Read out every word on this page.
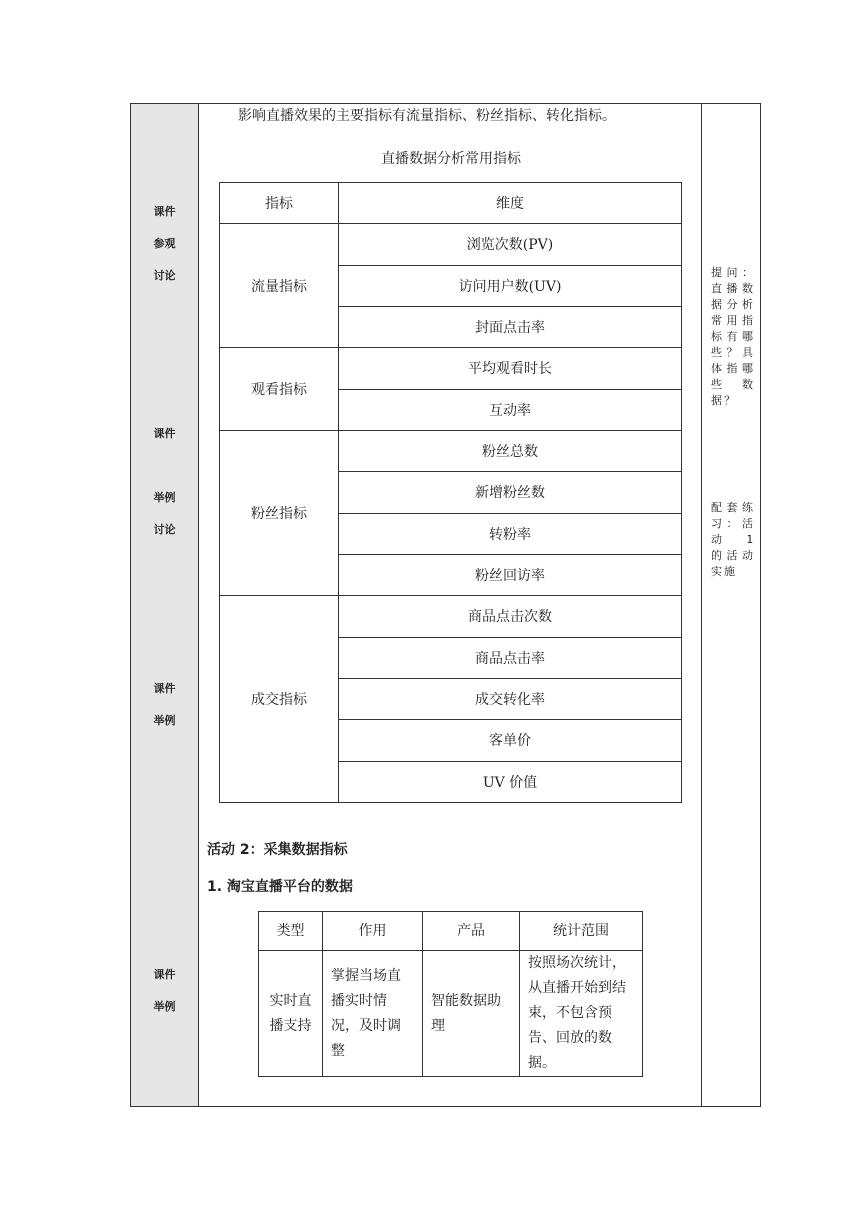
课件
参观
讨论
课件
举例
讨论
课件
举例
课件
举例
影响直播效果的主要指标有流量指标、粉丝指标、转化指标。
直播数据分析常用指标
指标	维度
流量指标	浏览次数(PV)
	访问用户数(UV)
	封面点击率
观看指标	平均观看时长
	互动率
粉丝指标	粉丝总数
	新增粉丝数
	转粉率
	粉丝回访率
成交指标	商品点击次数
	商品点击率
	成交转化率
	客单价
	UV 价值
活动 2：采集数据指标
1. 淘宝直播平台的数据
类型	作用	产品	统计范围
实时直播支持	掌握当场直播实时情况，及时调整	智能数据助理	按照场次统计，从直播开始到结束，不包含预告、回放的数据。
提问：直播数据分析常用指标有哪些？具体指哪些数据？
配套练习：活动 1 的活动实施
